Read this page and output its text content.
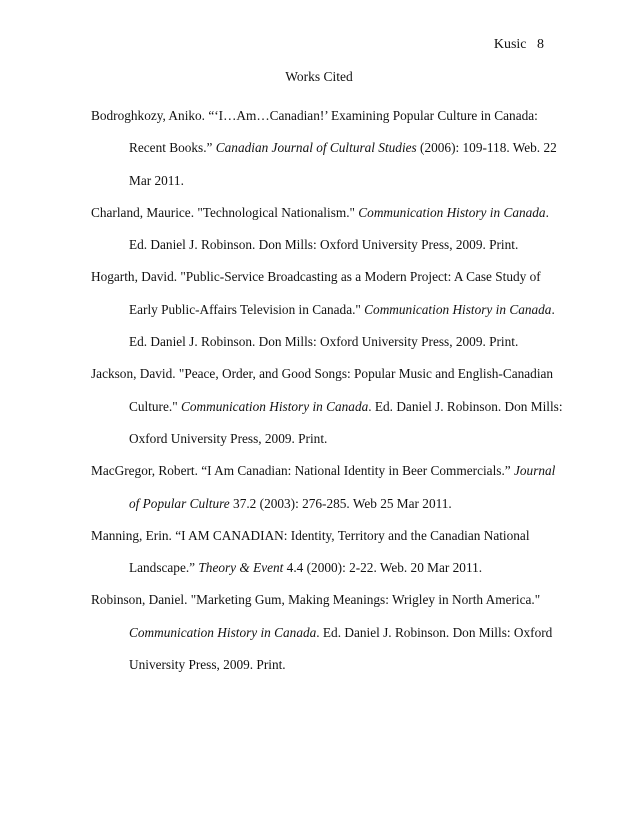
Kusic 8
Works Cited

Bodroghkozy, Aniko. “‘I…Am…Canadian!’ Examining Popular Culture in Canada:
Recent Books.” Canadian Journal of Cultural Studies (2006): 109-118. Web. 22
Mar 2011.

Charland, Maurice. "Technological Nationalism." Communication History in Canada.
Ed. Daniel J. Robinson. Don Mills: Oxford University Press, 2009. Print.

Hogarth, David. "Public-Service Broadcasting as a Modern Project: A Case Study of
Early Public-Affairs Television in Canada." Communication History in Canada.
Ed. Daniel J. Robinson. Don Mills: Oxford University Press, 2009. Print.

Jackson, David. "Peace, Order, and Good Songs: Popular Music and English-Canadian
Culture." Communication History in Canada. Ed. Daniel J. Robinson. Don Mills:
Oxford University Press, 2009. Print.

MacGregor, Robert. “I Am Canadian: National Identity in Beer Commercials.” Journal
of Popular Culture 37.2 (2003): 276-285. Web 25 Mar 2011.

Manning, Erin. “I AM CANADIAN: Identity, Territory and the Canadian National
Landscape.” Theory & Event 4.4 (2000): 2-22. Web. 20 Mar 2011.

Robinson, Daniel. "Marketing Gum, Making Meanings: Wrigley in North America."
Communication History in Canada. Ed. Daniel J. Robinson. Don Mills: Oxford
University Press, 2009. Print.
